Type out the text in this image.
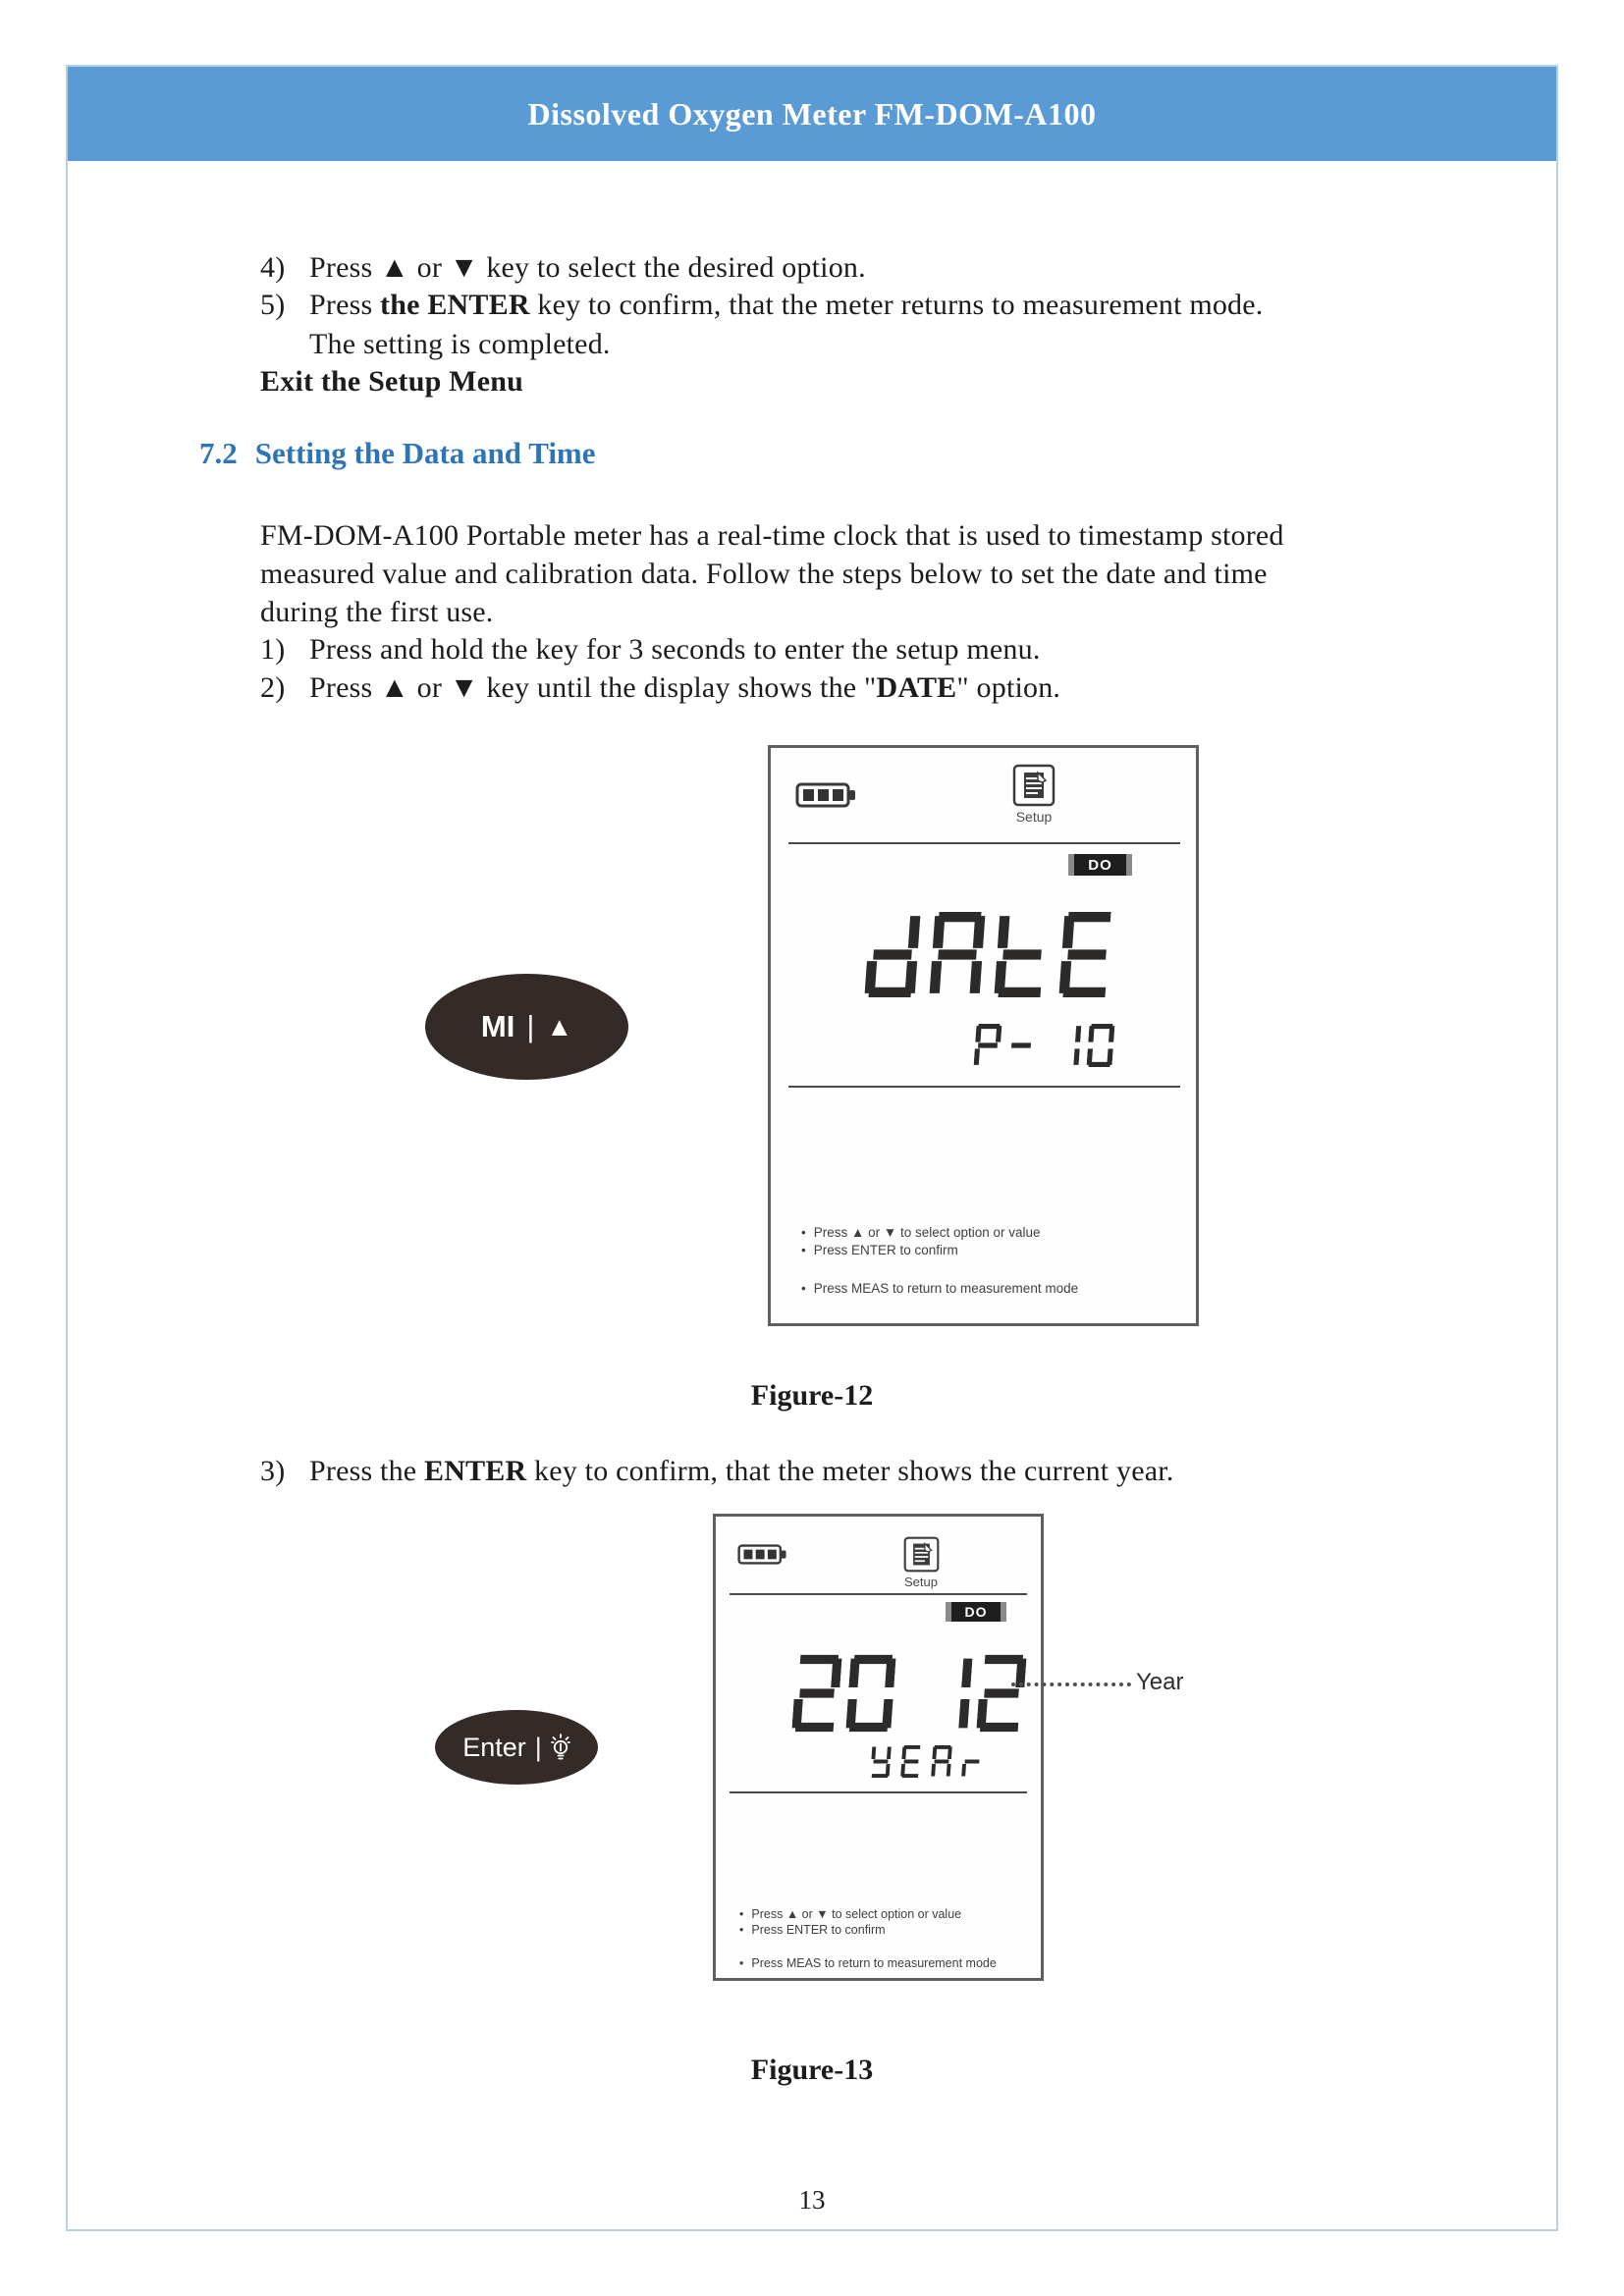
Dissolved Oxygen Meter FM-DOM-A100
4) Press ▲ or ▼ key to select the desired option.
5) Press the ENTER key to confirm, that the meter returns to measurement mode.
The setting is completed.
Exit the Setup Menu
7.2 Setting the Data and Time
FM-DOM-A100 Portable meter has a real-time clock that is used to timestamp stored
measured value and calibration data. Follow the steps below to set the date and time
during the first use.
1) Press and hold the key for 3 seconds to enter the setup menu.
2) Press ▲ or ▼ key until the display shows the "DATE" option.
MI | ▲
Setup
DO
• Press ▲ or ▼ to select option or value
• Press ENTER to confirm
• Press MEAS to return to measurement mode
Figure-12
3) Press the ENTER key to confirm, that the meter shows the current year.
Enter |
Setup
DO
• Press ▲ or ▼ to select option or value
• Press ENTER to confirm
• Press MEAS to return to measurement mode
Year
Figure-13
13
